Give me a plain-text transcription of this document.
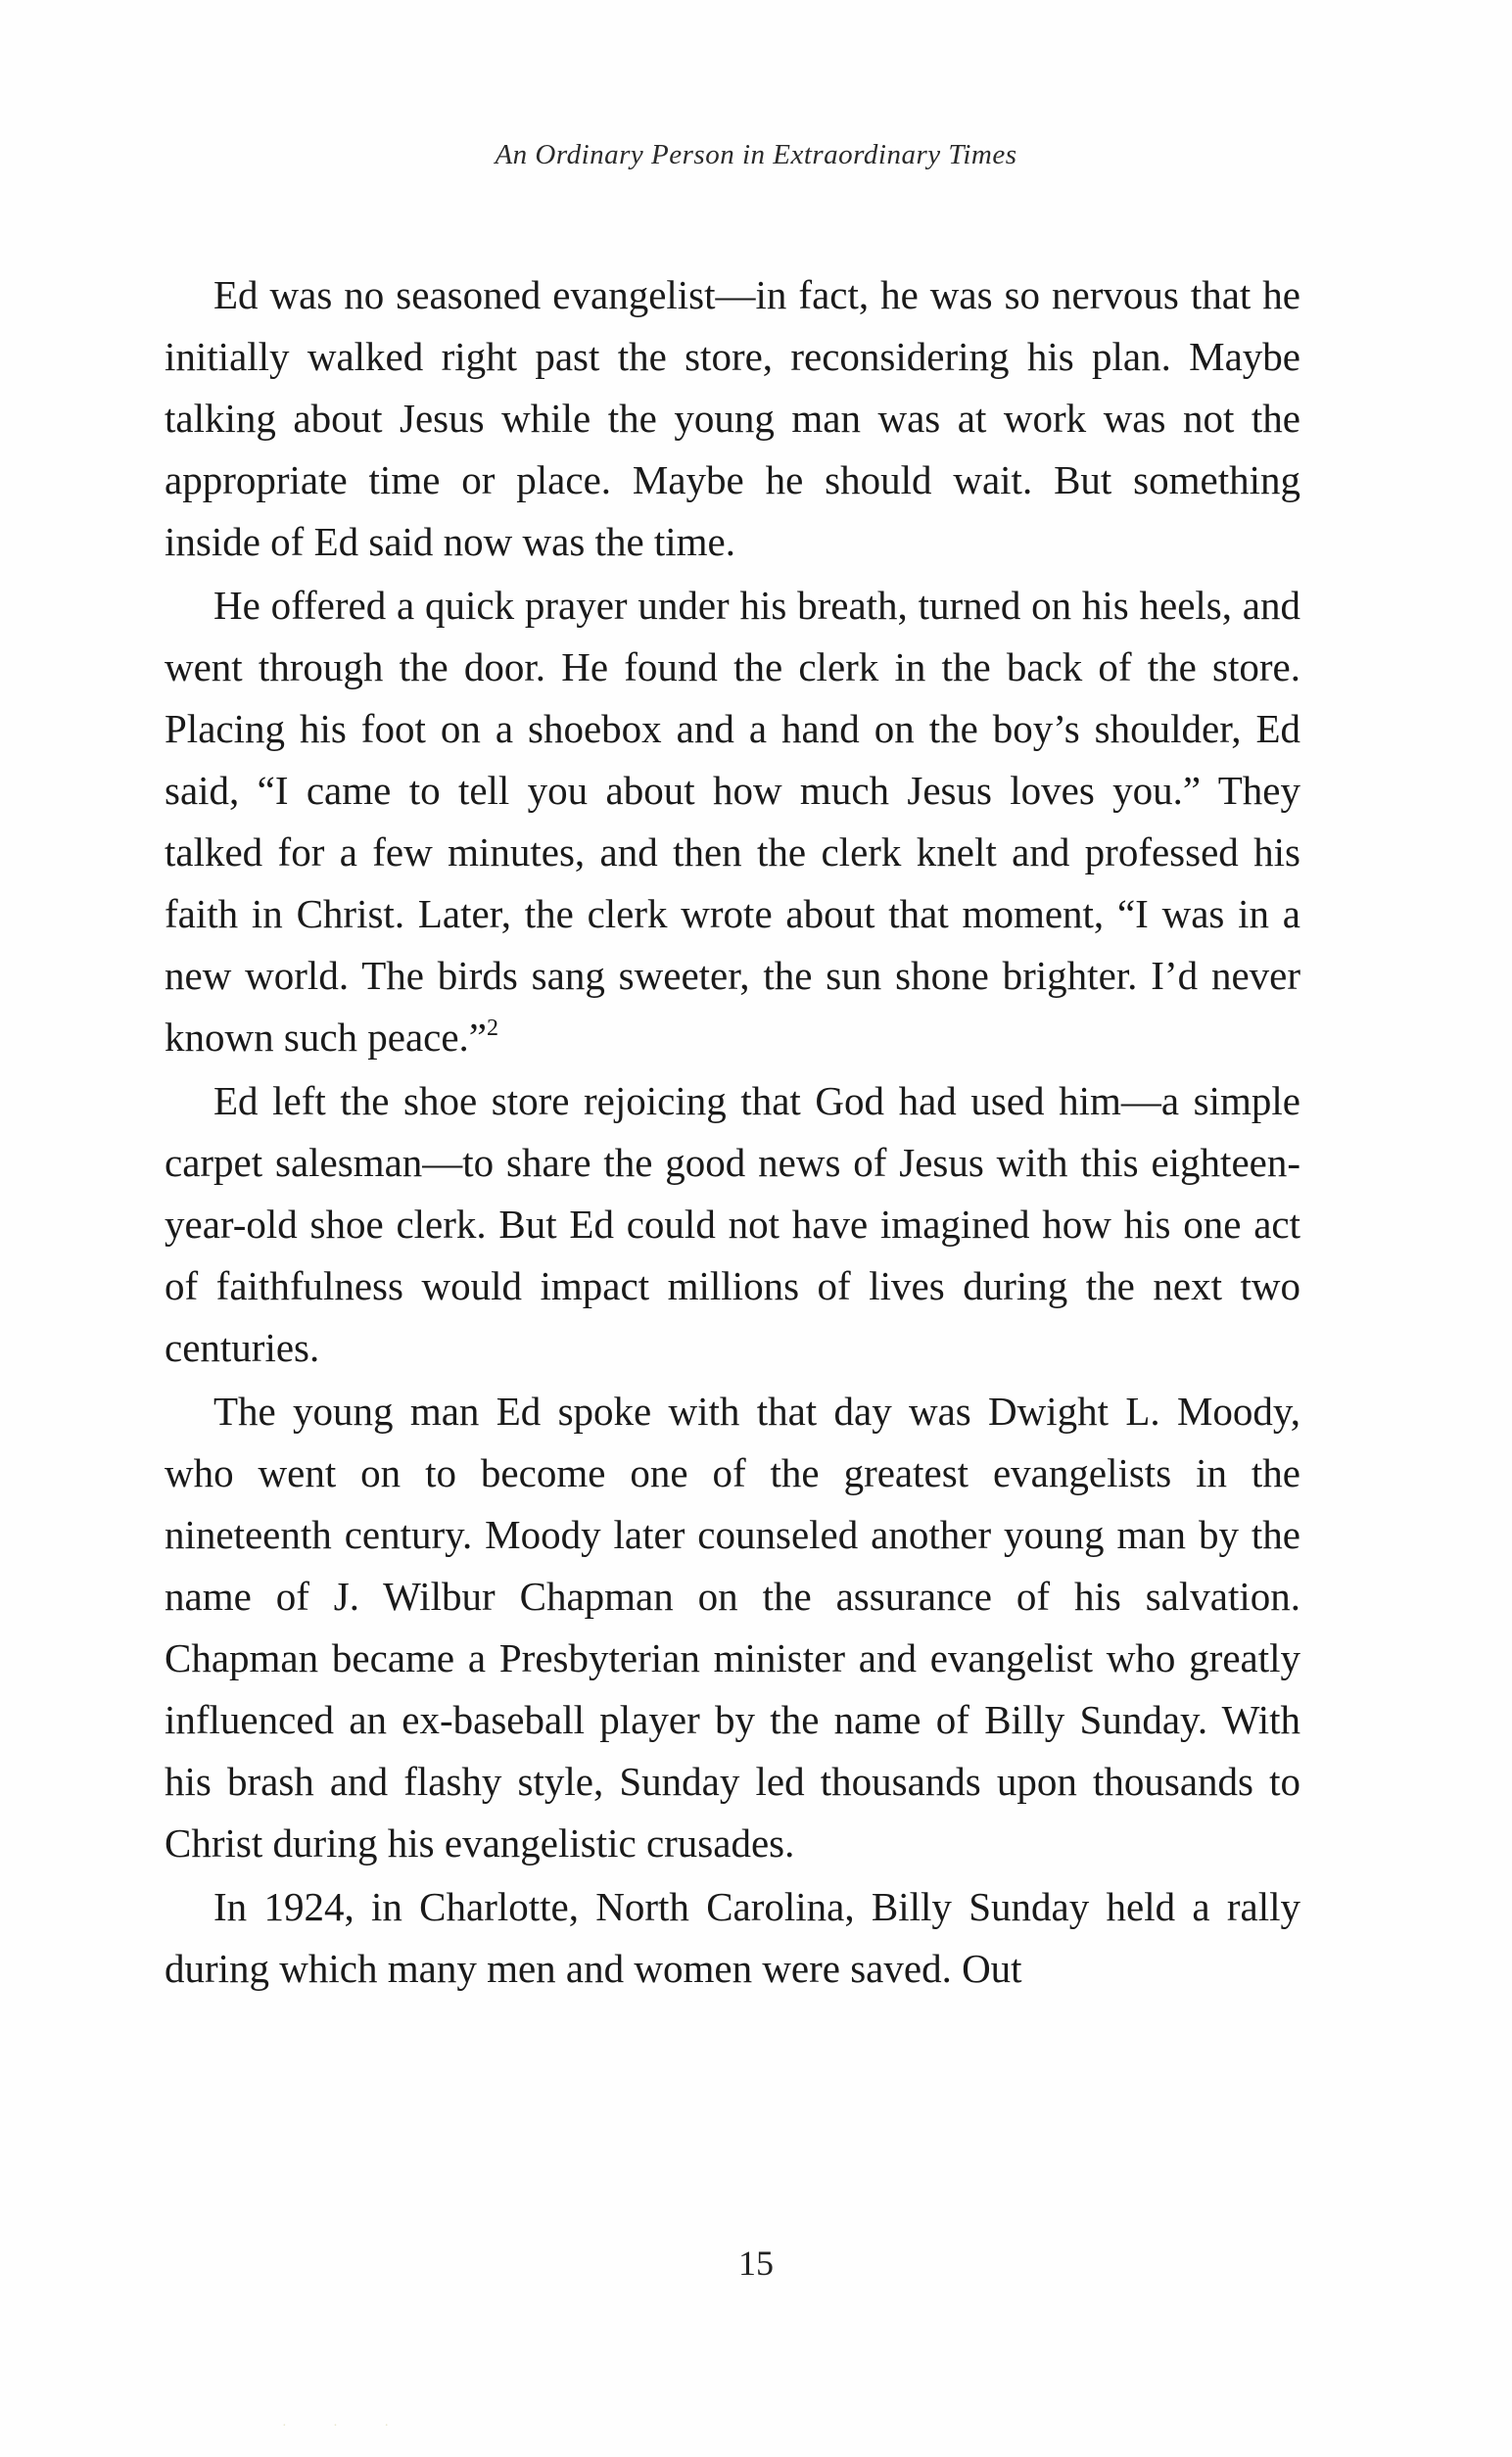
An Ordinary Person in Extraordinary Times

Ed was no seasoned evangelist—in fact, he was so nervous that he initially walked right past the store, reconsidering his plan. Maybe talking about Jesus while the young man was at work was not the appropriate time or place. Maybe he should wait. But something inside of Ed said now was the time.

He offered a quick prayer under his breath, turned on his heels, and went through the door. He found the clerk in the back of the store. Placing his foot on a shoebox and a hand on the boy’s shoulder, Ed said, “I came to tell you about how much Jesus loves you.” They talked for a few minutes, and then the clerk knelt and professed his faith in Christ. Later, the clerk wrote about that moment, “I was in a new world. The birds sang sweeter, the sun shone brighter. I’d never known such peace.”$^2$

Ed left the shoe store rejoicing that God had used him—a simple carpet salesman—to share the good news of Jesus with this eighteen-year-old shoe clerk. But Ed could not have imagined how his one act of faithfulness would impact millions of lives during the next two centuries.

The young man Ed spoke with that day was Dwight L. Moody, who went on to become one of the greatest evangelists in the nineteenth century. Moody later counseled another young man by the name of J. Wilbur Chapman on the assurance of his salvation. Chapman became a Presbyterian minister and evangelist who greatly influenced an ex-baseball player by the name of Billy Sunday. With his brash and flashy style, Sunday led thousands upon thousands to Christ during his evangelistic crusades.

In 1924, in Charlotte, North Carolina, Billy Sunday held a rally during which many men and women were saved. Out

15
· · ·
